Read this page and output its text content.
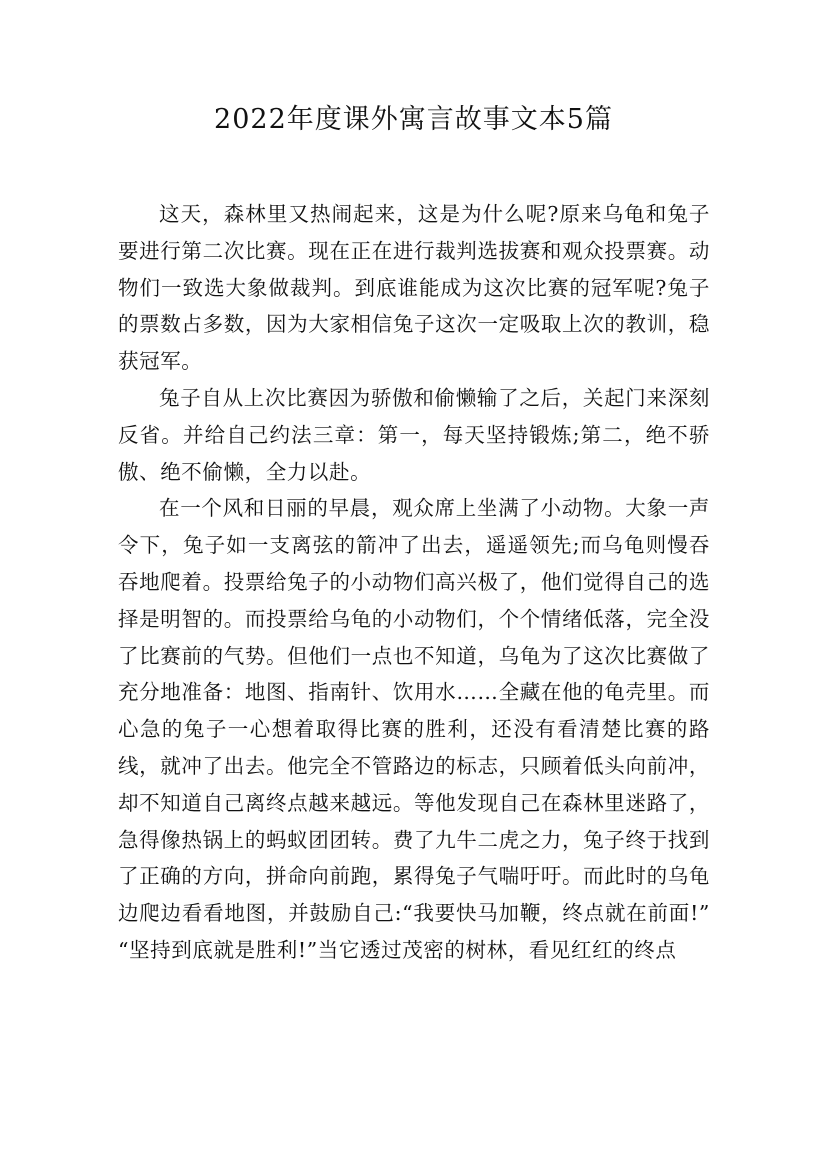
2022年度课外寓言故事文本5篇

这天，森林里又热闹起来，这是为什么呢?原来乌龟和兔子要进行第二次比赛。现在正在进行裁判选拔赛和观众投票赛。动物们一致选大象做裁判。到底谁能成为这次比赛的冠军呢?兔子的票数占多数，因为大家相信兔子这次一定吸取上次的教训，稳获冠军。

兔子自从上次比赛因为骄傲和偷懒输了之后，关起门来深刻反省。并给自己约法三章：第一，每天坚持锻炼;第二，绝不骄傲、绝不偷懒，全力以赴。

在一个风和日丽的早晨，观众席上坐满了小动物。大象一声令下，兔子如一支离弦的箭冲了出去，遥遥领先;而乌龟则慢吞吞地爬着。投票给兔子的小动物们高兴极了，他们觉得自己的选择是明智的。而投票给乌龟的小动物们，个个情绪低落，完全没了比赛前的气势。但他们一点也不知道，乌龟为了这次比赛做了充分地准备：地图、指南针、饮用水……全藏在他的龟壳里。而心急的兔子一心想着取得比赛的胜利，还没有看清楚比赛的路线，就冲了出去。他完全不管路边的标志，只顾着低头向前冲，却不知道自己离终点越来越远。等他发现自己在森林里迷路了，急得像热锅上的蚂蚁团团转。费了九牛二虎之力，兔子终于找到了正确的方向，拼命向前跑，累得兔子气喘吁吁。而此时的乌龟边爬边看看地图，并鼓励自己:“我要快马加鞭，终点就在前面!” “坚持到底就是胜利!”当它透过茂密的树林，看见红红的终点
